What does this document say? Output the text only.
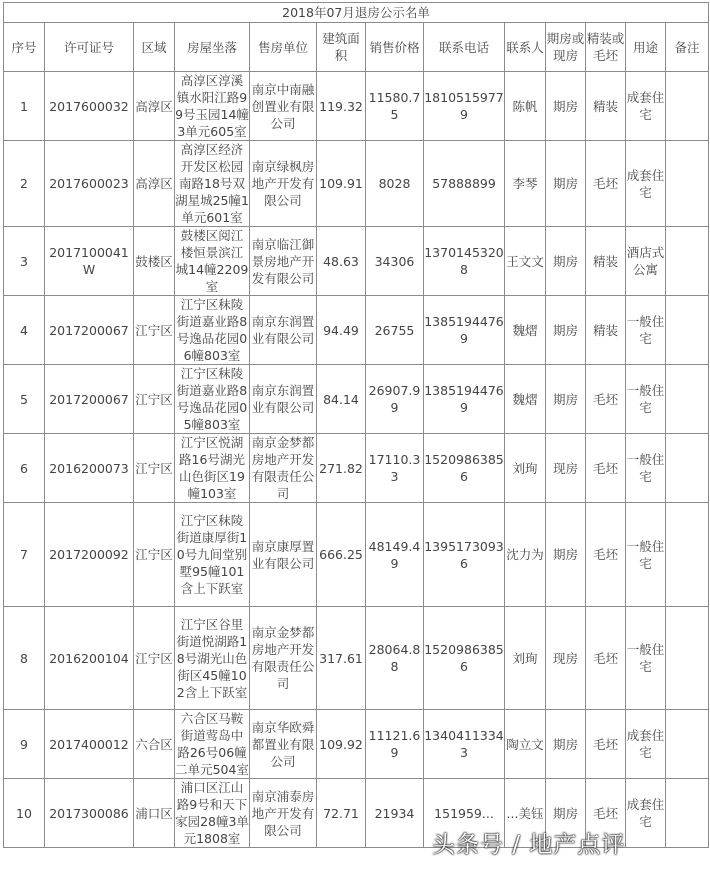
2018年07月退房公示名单												
序号	许可证号	区域	房屋坐落	售房单位	建筑面积	销售价格	联系电话	联系人	期房或现房	精装或毛坯	用途	备注
1	2017600032	高淳区	高淳区淳溪镇水阳江路99号玉园14幢3单元605室	南京中南融创置业有限公司	119.32	11580.75	18105159779	陈帆	期房	精装	成套住宅	
2	2017600023	高淳区	高淳区经济开发区松园南路18号双湖星城25幢1单元601室	南京绿枫房地产开发有限公司	109.91	8028	57888899	李琴	期房	毛坯	成套住宅	
3	2017100041W	鼓楼区	鼓楼区阅江楼恒景滨江城14幢2209室	南京临江御景房地产开发有限公司	48.63	34306	13701453208	王文文	期房	精装	酒店式公寓	
4	2017200067	江宁区	江宁区秣陵街道嘉业路8号逸品花园06幢803室	南京东润置业有限公司	94.49	26755	13851944769	魏熠	期房	精装	一般住宅	
5	2017200067	江宁区	江宁区秣陵街道嘉业路8号逸品花园05幢803室	南京东润置业有限公司	84.14	26907.99	13851944769	魏熠	期房	毛坯	一般住宅	
6	2016200073	江宁区	江宁区悦湖路16号湖光山色街区19幢103室	南京金梦都房地产开发有限责任公司	271.82	17110.33	15209863856	刘珣	现房	毛坯	一般住宅	
7	2017200092	江宁区	江宁区秣陵街道康厚街10号九间堂别墅95幢101含上下跃室	南京康厚置业有限公司	666.25	48149.49	13951730936	沈力为	期房	毛坯	一般住宅	
8	2016200104	江宁区	江宁区谷里街道悦湖路18号湖光山色街区45幢102含上下跃室	南京金梦都房地产开发有限责任公司	317.61	28064.88	15209863856	刘珣	现房	毛坯	一般住宅	
9	2017400012	六合区	六合区马鞍街道莺岛中路26号06幢二单元504室	南京华欧舜都置业有限公司	109.92	11121.69	13404113343	陶立文	期房	毛坯	成套住宅	
10	2017300086	浦口区	浦口区江山路9号和天下家园28幢3单元1808室	南京浦泰房地产开发有限公司	72.71	21934	151959...	...美钰	期房	毛坯	成套住宅	
头条号 / 地产点评
